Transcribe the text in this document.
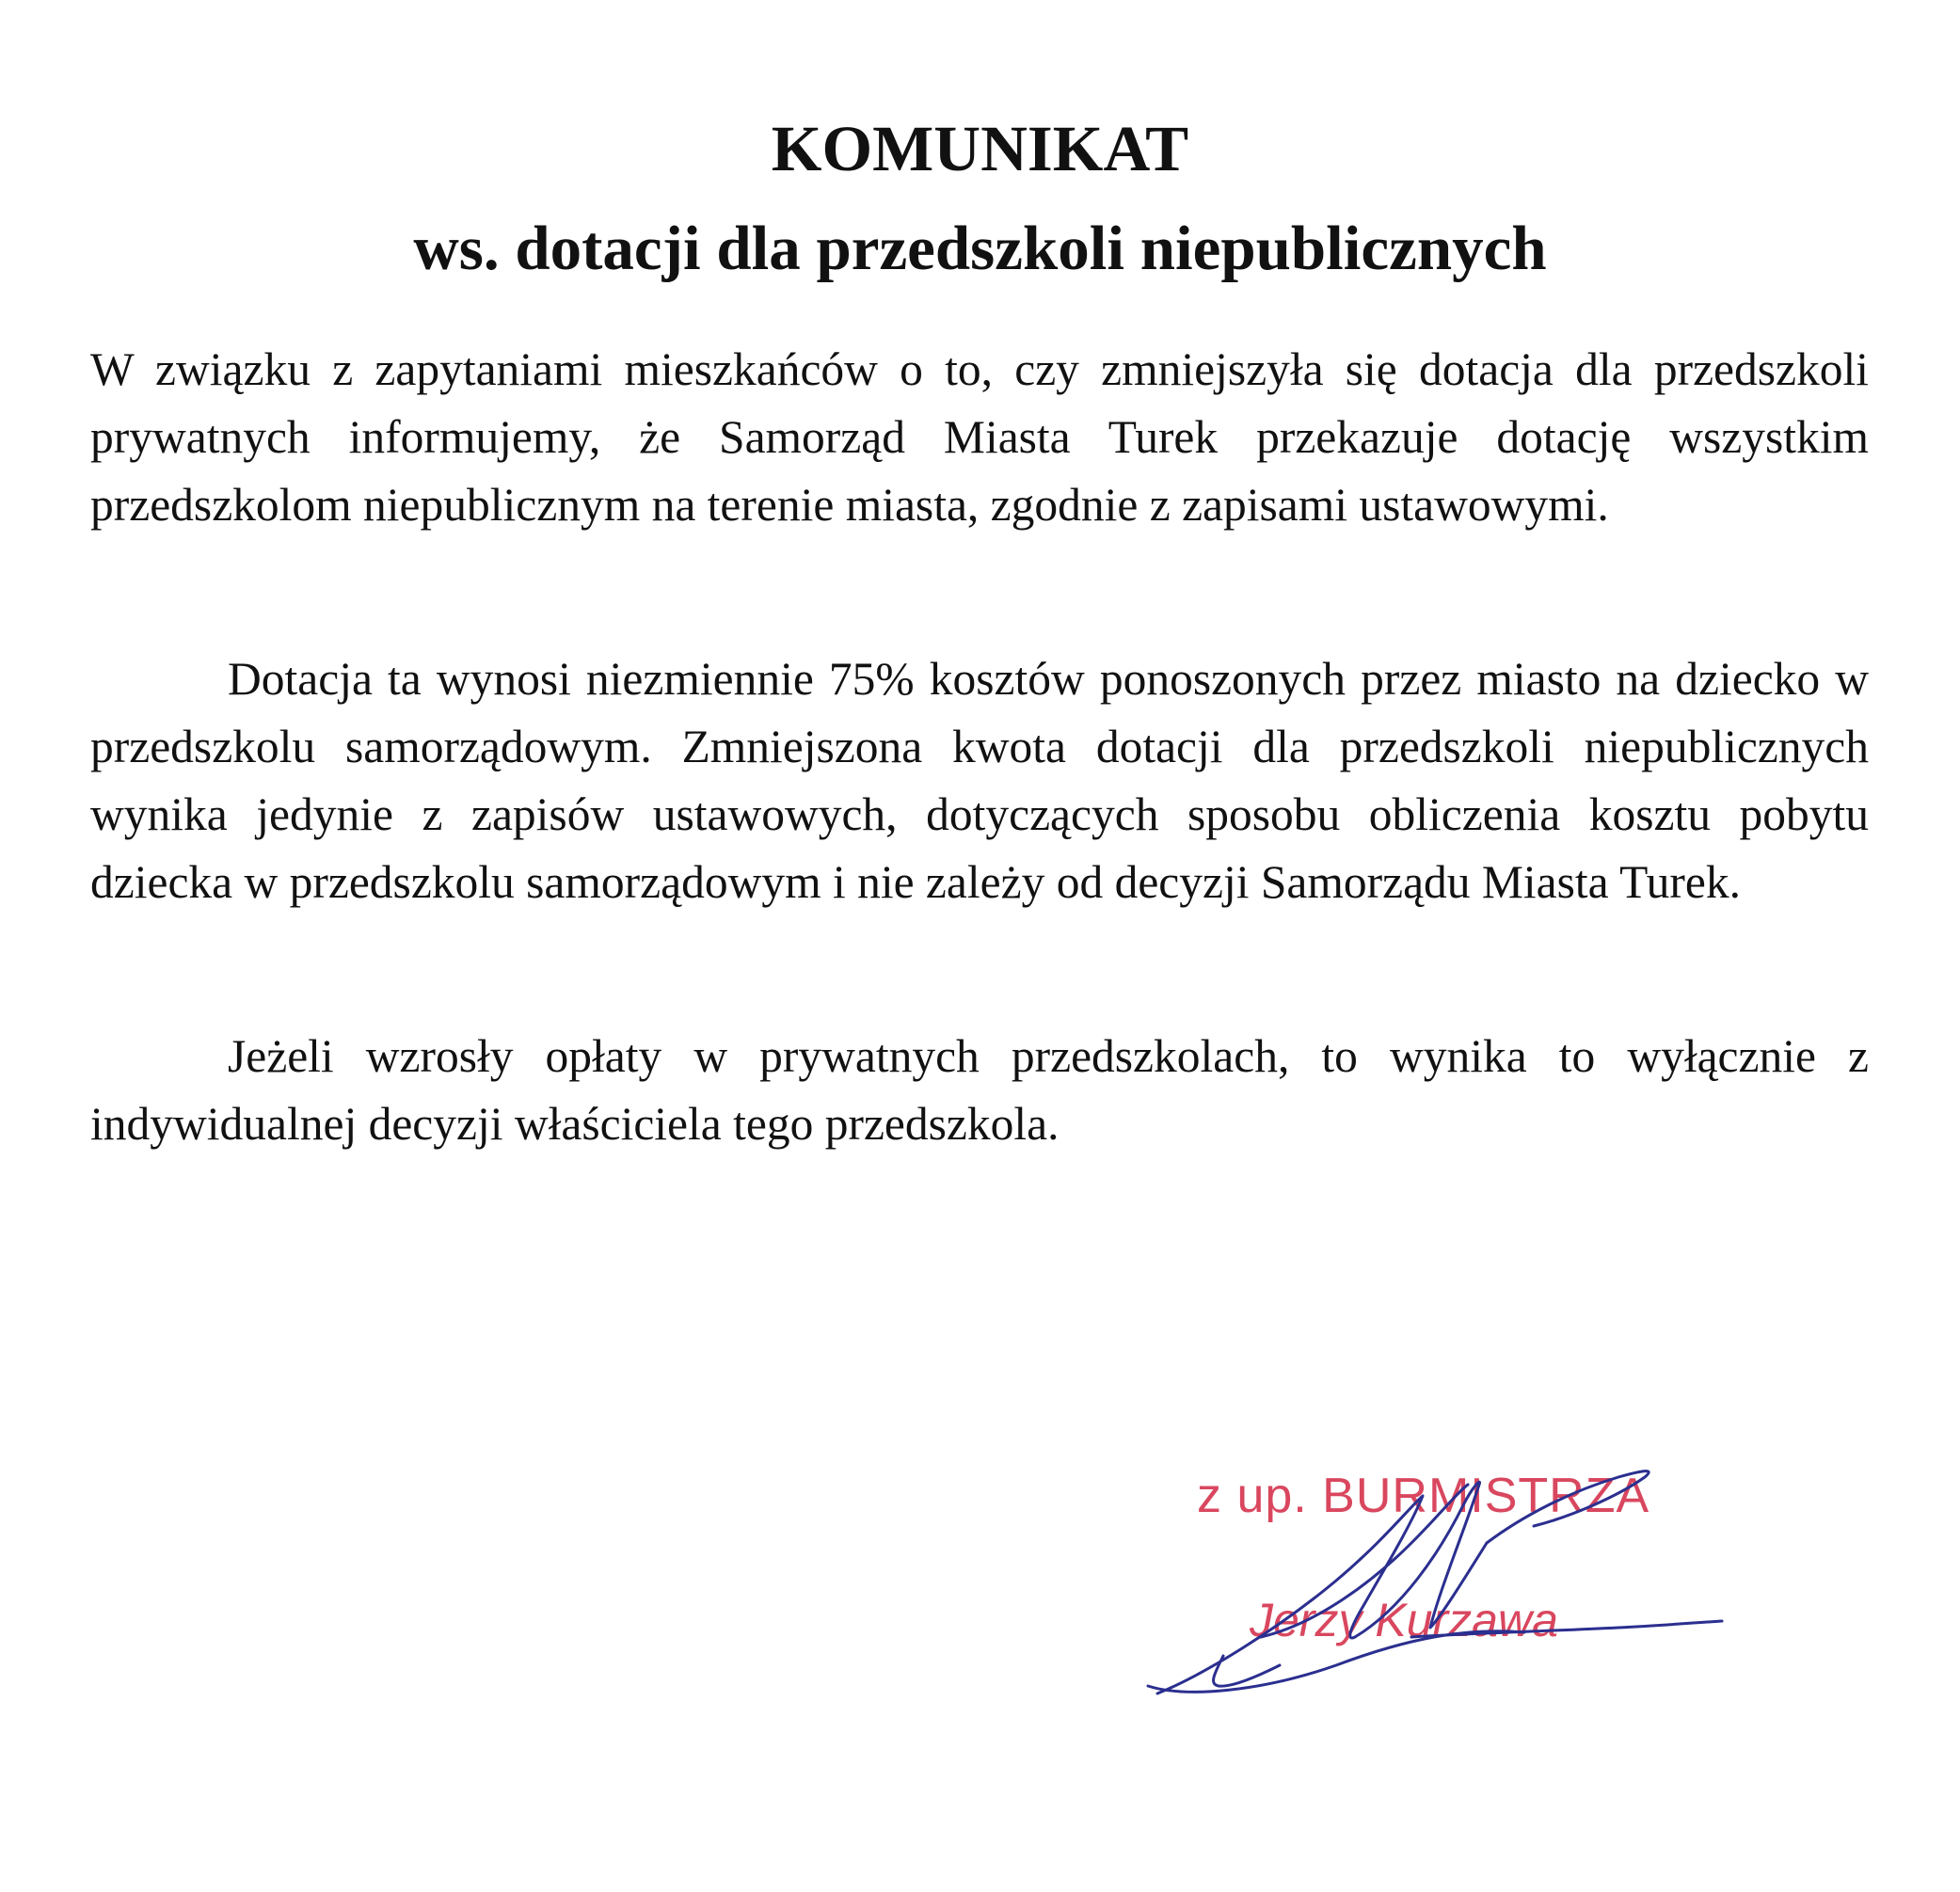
KOMUNIKAT
ws. dotacji dla przedszkoli niepublicznych

W związku z zapytaniami mieszkańców o to, czy zmniejszyła się dotacja dla przedszkoli prywatnych informujemy, że Samorząd Miasta Turek przekazuje dotację wszystkim przedszkolom niepublicznym na terenie miasta, zgodnie z zapisami ustawowymi.

Dotacja ta wynosi niezmiennie 75% kosztów ponoszonych przez miasto na dziecko w przedszkolu samorządowym. Zmniejszona kwota dotacji dla przedszkoli niepublicznych wynika jedynie z zapisów ustawowych, dotyczących sposobu obliczenia kosztu pobytu dziecka w przedszkolu samorządowym i nie zależy od decyzji Samorządu Miasta Turek.

Jeżeli wzrosły opłaty w prywatnych przedszkolach, to wynika to wyłącznie z indywidualnej decyzji właściciela tego przedszkola.

z up. BURMISTRZA
Jerzy Kurzawa
